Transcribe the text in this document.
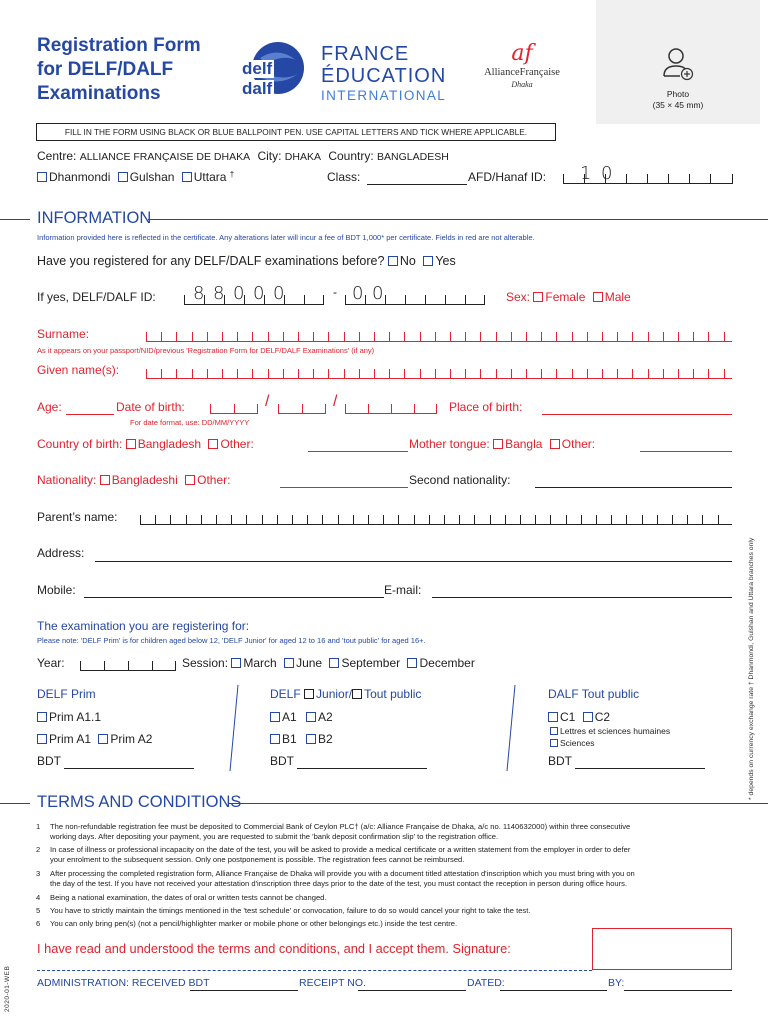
Registration Form
for DELF/DALF
Examinations
delf
dalf
FRANCE
ÉDUCATION
INTERNATIONAL
af
AllianceFrançaise
Dhaka
Photo
(35 × 45 mm)
FILL IN THE FORM USING BLACK OR BLUE BALLPOINT PEN. USE CAPITAL LETTERS AND TICK WHERE APPLICABLE.
Centre: ALLIANCE FRANÇAISE DE DHAKA City: DHAKA Country: BANGLADESH
Dhanmondi Gulshan Uttara †	Class:	AFD/Hanaf ID: 1 0
INFORMATION
Information provided here is reflected in the certificate. Any alterations later will incur a fee of BDT 1,000* per certificate. Fields in red are not alterable.
Have you registered for any DELF/DALF examinations before? No Yes
If yes, DELF/DALF ID: 8 8 0 0 0	- 0 0	Sex: Female Male
Surname:
As it appears on your passport/NID/previous 'Registration Form for DELF/DALF Examinations' (if any)
Given name(s):
Age:	Date of birth:	/	/
For date format, use: DD/MM/YYYY
Place of birth:
Country of birth: Bangladesh Other:	Mother tongue: Bangla Other:
Nationality: Bangladeshi Other:	Second nationality:
Parent’s name:
Address:
Mobile:	E-mail:
The examination you are registering for:
Please note: 'DELF Prim' is for children aged below 12, 'DELF Junior' for aged 12 to 16 and 'tout public' for aged 16+.
Year:	Session: March June September December
DELF Prim
Prim A1.1
Prim A1 Prim A2
BDT
DELF Junior/ Tout public
A1 A2
B1 B2
BDT
DALF Tout public
C1 C2
Lettres et sciences humaines
Sciences
BDT	* depends on currency exchange rate † Dhanmondi, Gulshan and Uttara branches only
TERMS AND CONDITIONS
1 The non-refundable registration fee must be deposited to Commercial Bank of Ceylon PLC† (a/c: Alliance Française de Dhaka, a/c no. 1140632000) within three consecutive
working days. After depositing your payment, you are requested to submit the 'bank deposit confirmation slip' to the registration office.
2 In case of illness or professional incapacity on the date of the test, you will be asked to provide a medical certificate or a written statement from the employer in order to defer
your enrolment to the subsequent session. Only one postponement is possible. The registration fees cannot be reimbursed.
3 After processing the completed registration form, Alliance Française de Dhaka will provide you with a document titled attestation d'inscription which you must bring with you on
the day of the test. If you have not received your attestation d'inscription three days prior to the date of the test, you must contact the reception in person during office hours.
4 Being a national examination, the dates of oral or written tests cannot be changed.
5 You have to strictly maintain the timings mentioned in the 'test schedule' or convocation, failure to do so would cancel your right to take the test.
6 You can only bring pen(s) (not a pencil/highlighter marker or mobile phone or other belongings etc.) inside the test centre.
I have read and understood the terms and conditions, and I accept them. Signature:
ADMINISTRATION: RECEIVED BDT	RECEIPT NO.	DATED:	BY:
2020-01-WEB
